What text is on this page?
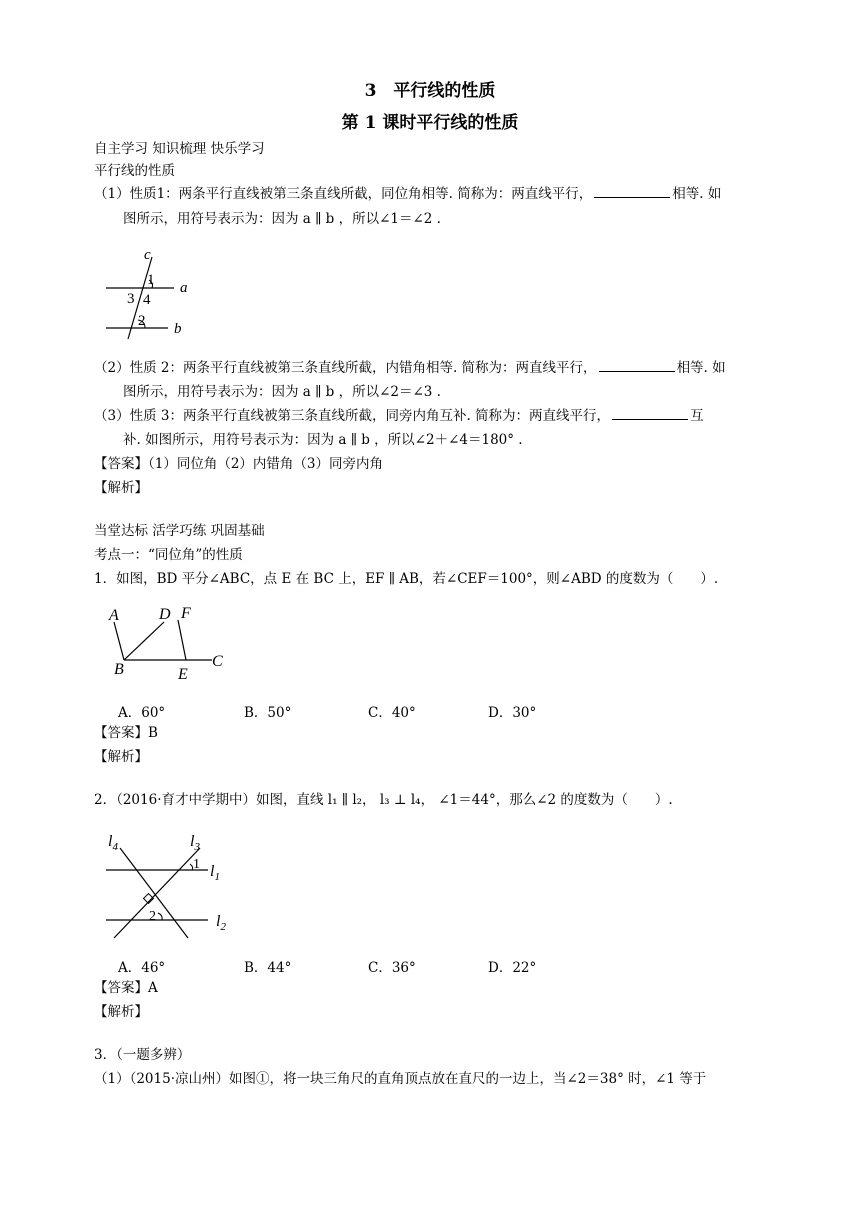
3　平行线的性质
第 1 课时平行线的性质
自主学习 知识梳理 快乐学习
平行线的性质
（1）性质1：两条平行直线被第三条直线所截，同位角相等. 简称为：两直线平行，	相等. 如
图所示，用符号表示为：因为 a ∥ b ，所以∠1＝∠2 .
c
1
3 4
a
2 b
（2）性质 2：两条平行直线被第三条直线所截，内错角相等. 简称为：两直线平行，	相等. 如
图所示，用符号表示为：因为 a ∥ b ，所以∠2＝∠3 .
（3）性质 3：两条平行直线被第三条直线所截，同旁内角互补. 简称为：两直线平行，	互
补. 如图所示，用符号表示为：因为 a ∥ b ，所以∠2＋∠4＝180° .
【答案】（1）同位角（2）内错角（3）同旁内角
【解析】
当堂达标 活学巧练 巩固基础
考点一：“同位角”的性质
1．如图，BD 平分∠ABC，点 E 在 BC 上，EF ∥ AB，若∠CEF＝100°，则∠ABD 的度数为（　　）.
A	D F
B	E
C
A．60°	B．50°	C．40°	D．30°
【答案】B
【解析】
2．（2016·育才中学期中）如图，直线 l₁ ∥ l₂， l₃ ⊥ l₄， ∠1＝44°，那么∠2 的度数为（　　）.
$l_4$	$l_3$
1 $l_1$
2	$l_2$
A．46°	B．44°	C．36°	D．22°
【答案】A
【解析】
3．（一题多辨）
（1）（2015·凉山州）如图①，将一块三角尺的直角顶点放在直尺的一边上，当∠2＝38° 时，∠1 等于
